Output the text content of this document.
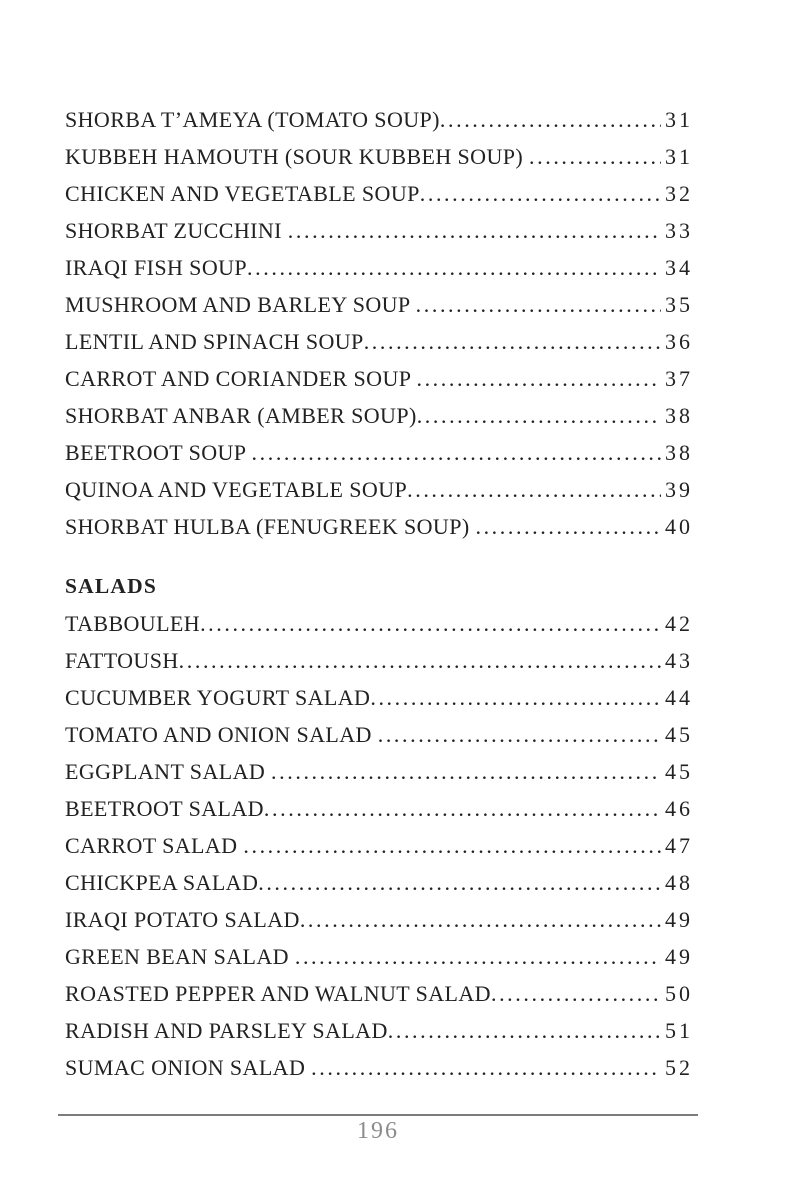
SHORBA T’AMEYA (TOMATO SOUP) .....	31
KUBBEH HAMOUTH (SOUR KUBBEH SOUP) .....	31
CHICKEN AND VEGETABLE SOUP .....	32
SHORBAT ZUCCHINI .....	33
IRAQI FISH SOUP .....	34
MUSHROOM AND BARLEY SOUP .....	35
LENTIL AND SPINACH SOUP .....	36
CARROT AND CORIANDER SOUP .....	37
SHORBAT ANBAR (AMBER SOUP) .....	38
BEETROOT SOUP .....	38
QUINOA AND VEGETABLE SOUP .....	39
SHORBAT HULBA (FENUGREEK SOUP) .....	40
SALADS
TABBOULEH .....	42
FATTOUSH .....	43
CUCUMBER YOGURT SALAD .....	44
TOMATO AND ONION SALAD .....	45
EGGPLANT SALAD .....	45
BEETROOT SALAD .....	46
CARROT SALAD .....	47
CHICKPEA SALAD .....	48
IRAQI POTATO SALAD .....	49
GREEN BEAN SALAD .....	49
ROASTED PEPPER AND WALNUT SALAD .....	50
RADISH AND PARSLEY SALAD .....	51
SUMAC ONION SALAD .....	52
196
